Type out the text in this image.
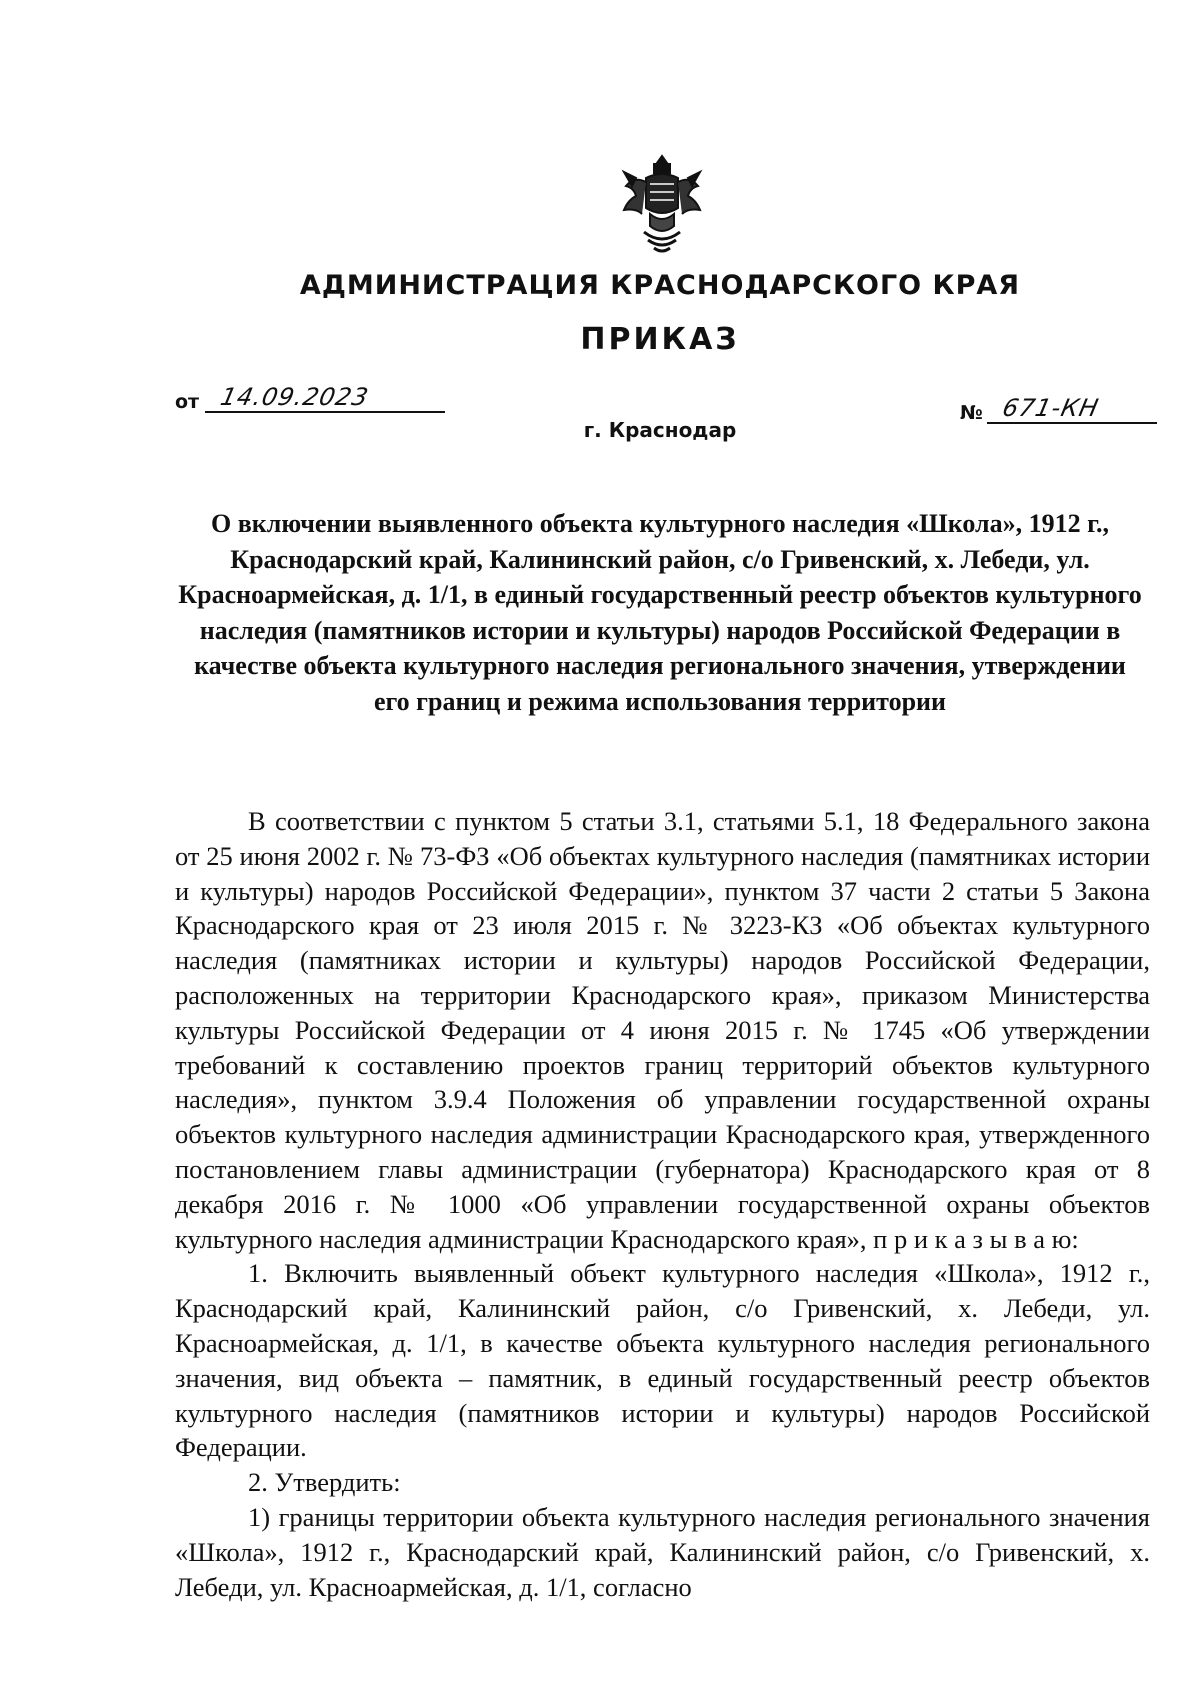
АДМИНИСТРАЦИЯ КРАСНОДАРСКОГО КРАЯ
ПРИКАЗ
от 14.09.2023
№ 671-КН
г. Краснодар
О включении выявленного объекта культурного наследия «Школа», 1912 г., Краснодарский край, Калининский район, с/о Гривенский, х. Лебеди, ул. Красноармейская, д. 1/1, в единый государственный реестр объектов культурного наследия (памятников истории и культуры) народов Российской Федерации в качестве объекта культурного наследия регионального значения, утверждении его границ и режима использования территории

В соответствии с пунктом 5 статьи 3.1, статьями 5.1, 18 Федерального закона от 25 июня 2002 г. № 73-ФЗ «Об объектах культурного наследия (памятниках истории и культуры) народов Российской Федерации», пунктом 37 части 2 статьи 5 Закона Краснодарского края от 23 июля 2015 г. № 3223-КЗ «Об объектах культурного наследия (памятниках истории и культуры) народов Российской Федерации, расположенных на территории Краснодарского края», приказом Министерства культуры Российской Федерации от 4 июня 2015 г. № 1745 «Об утверждении требований к составлению проектов границ территорий объектов культурного наследия», пунктом 3.9.4 Положения об управлении государственной охраны объектов культурного наследия администрации Краснодарского края, утвержденного постановлением главы администрации (губернатора) Краснодарского края от 8 декабря 2016 г. № 1000 «Об управлении государственной охраны объектов культурного наследия администрации Краснодарского края», п р и к а з ы в а ю:

1. Включить выявленный объект культурного наследия «Школа», 1912 г., Краснодарский край, Калининский район, с/о Гривенский, х. Лебеди, ул. Красноармейская, д. 1/1, в качестве объекта культурного наследия регионального значения, вид объекта – памятник, в единый государственный реестр объектов культурного наследия (памятников истории и культуры) народов Российской Федерации.

2. Утвердить:

1) границы территории объекта культурного наследия регионального значения «Школа», 1912 г., Краснодарский край, Калининский район, с/о Гривенский, х. Лебеди, ул. Красноармейская, д. 1/1, согласно
